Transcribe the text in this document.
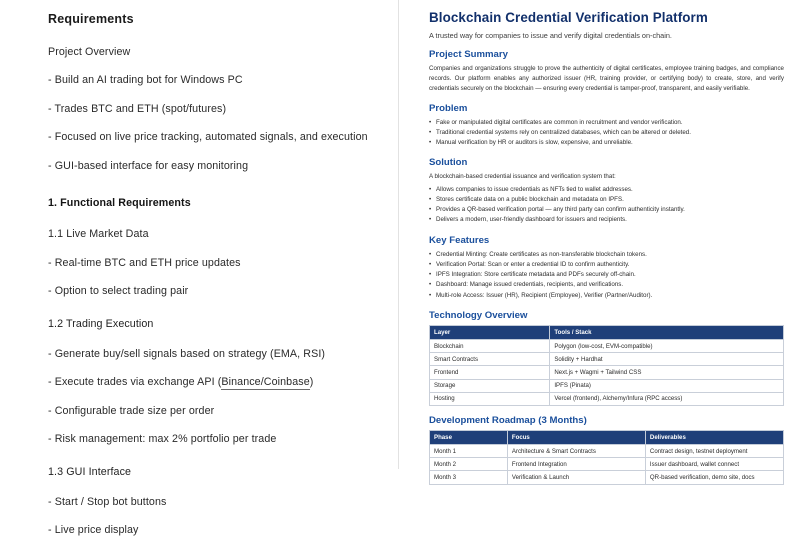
Requirements
Project Overview
- Build an AI trading bot for Windows PC
- Trades BTC and ETH (spot/futures)
- Focused on live price tracking, automated signals, and execution
- GUI-based interface for easy monitoring
1. Functional Requirements
1.1 Live Market Data
- Real-time BTC and ETH price updates
- Option to select trading pair
1.2 Trading Execution
- Generate buy/sell signals based on strategy (EMA, RSI)
- Execute trades via exchange API (Binance/Coinbase)
- Configurable trade size per order
- Risk management: max 2% portfolio per trade
1.3 GUI Interface
- Start / Stop bot buttons
- Live price display
Blockchain Credential Verification Platform
A trusted way for companies to issue and verify digital credentials on-chain.
Project Summary
Companies and organizations struggle to prove the authenticity of digital certificates, employee training badges, and compliance records. Our platform enables any authorized issuer (HR, training provider, or certifying body) to create, store, and verify credentials securely on the blockchain — ensuring every credential is tamper-proof, transparent, and easily verifiable.
Problem
• Fake or manipulated digital certificates are common in recruitment and vendor verification.
• Traditional credential systems rely on centralized databases, which can be altered or deleted.
• Manual verification by HR or auditors is slow, expensive, and unreliable.
Solution
A blockchain-based credential issuance and verification system that:
• Allows companies to issue credentials as NFTs tied to wallet addresses.
• Stores certificate data on a public blockchain and metadata on IPFS.
• Provides a QR-based verification portal — any third party can confirm authenticity instantly.
• Delivers a modern, user-friendly dashboard for issuers and recipients.
Key Features
• Credential Minting: Create certificates as non-transferable blockchain tokens.
• Verification Portal: Scan or enter a credential ID to confirm authenticity.
• IPFS Integration: Store certificate metadata and PDFs securely off-chain.
• Dashboard: Manage issued credentials, recipients, and verifications.
• Multi-role Access: Issuer (HR), Recipient (Employee), Verifier (Partner/Auditor).
Technology Overview
Layer	Tools / Stack
Blockchain	Polygon (low-cost, EVM-compatible)
Smart Contracts	Solidity + Hardhat
Frontend	Next.js + Wagmi + Tailwind CSS
Storage	IPFS (Pinata)
Hosting	Vercel (frontend), Alchemy/Infura (RPC access)
Development Roadmap (3 Months)
Phase	Focus	Deliverables
Month 1	Architecture & Smart Contracts	Contract design, testnet deployment
Month 2	Frontend Integration	Issuer dashboard, wallet connect
Month 3	Verification & Launch	QR-based verification, demo site, docs
